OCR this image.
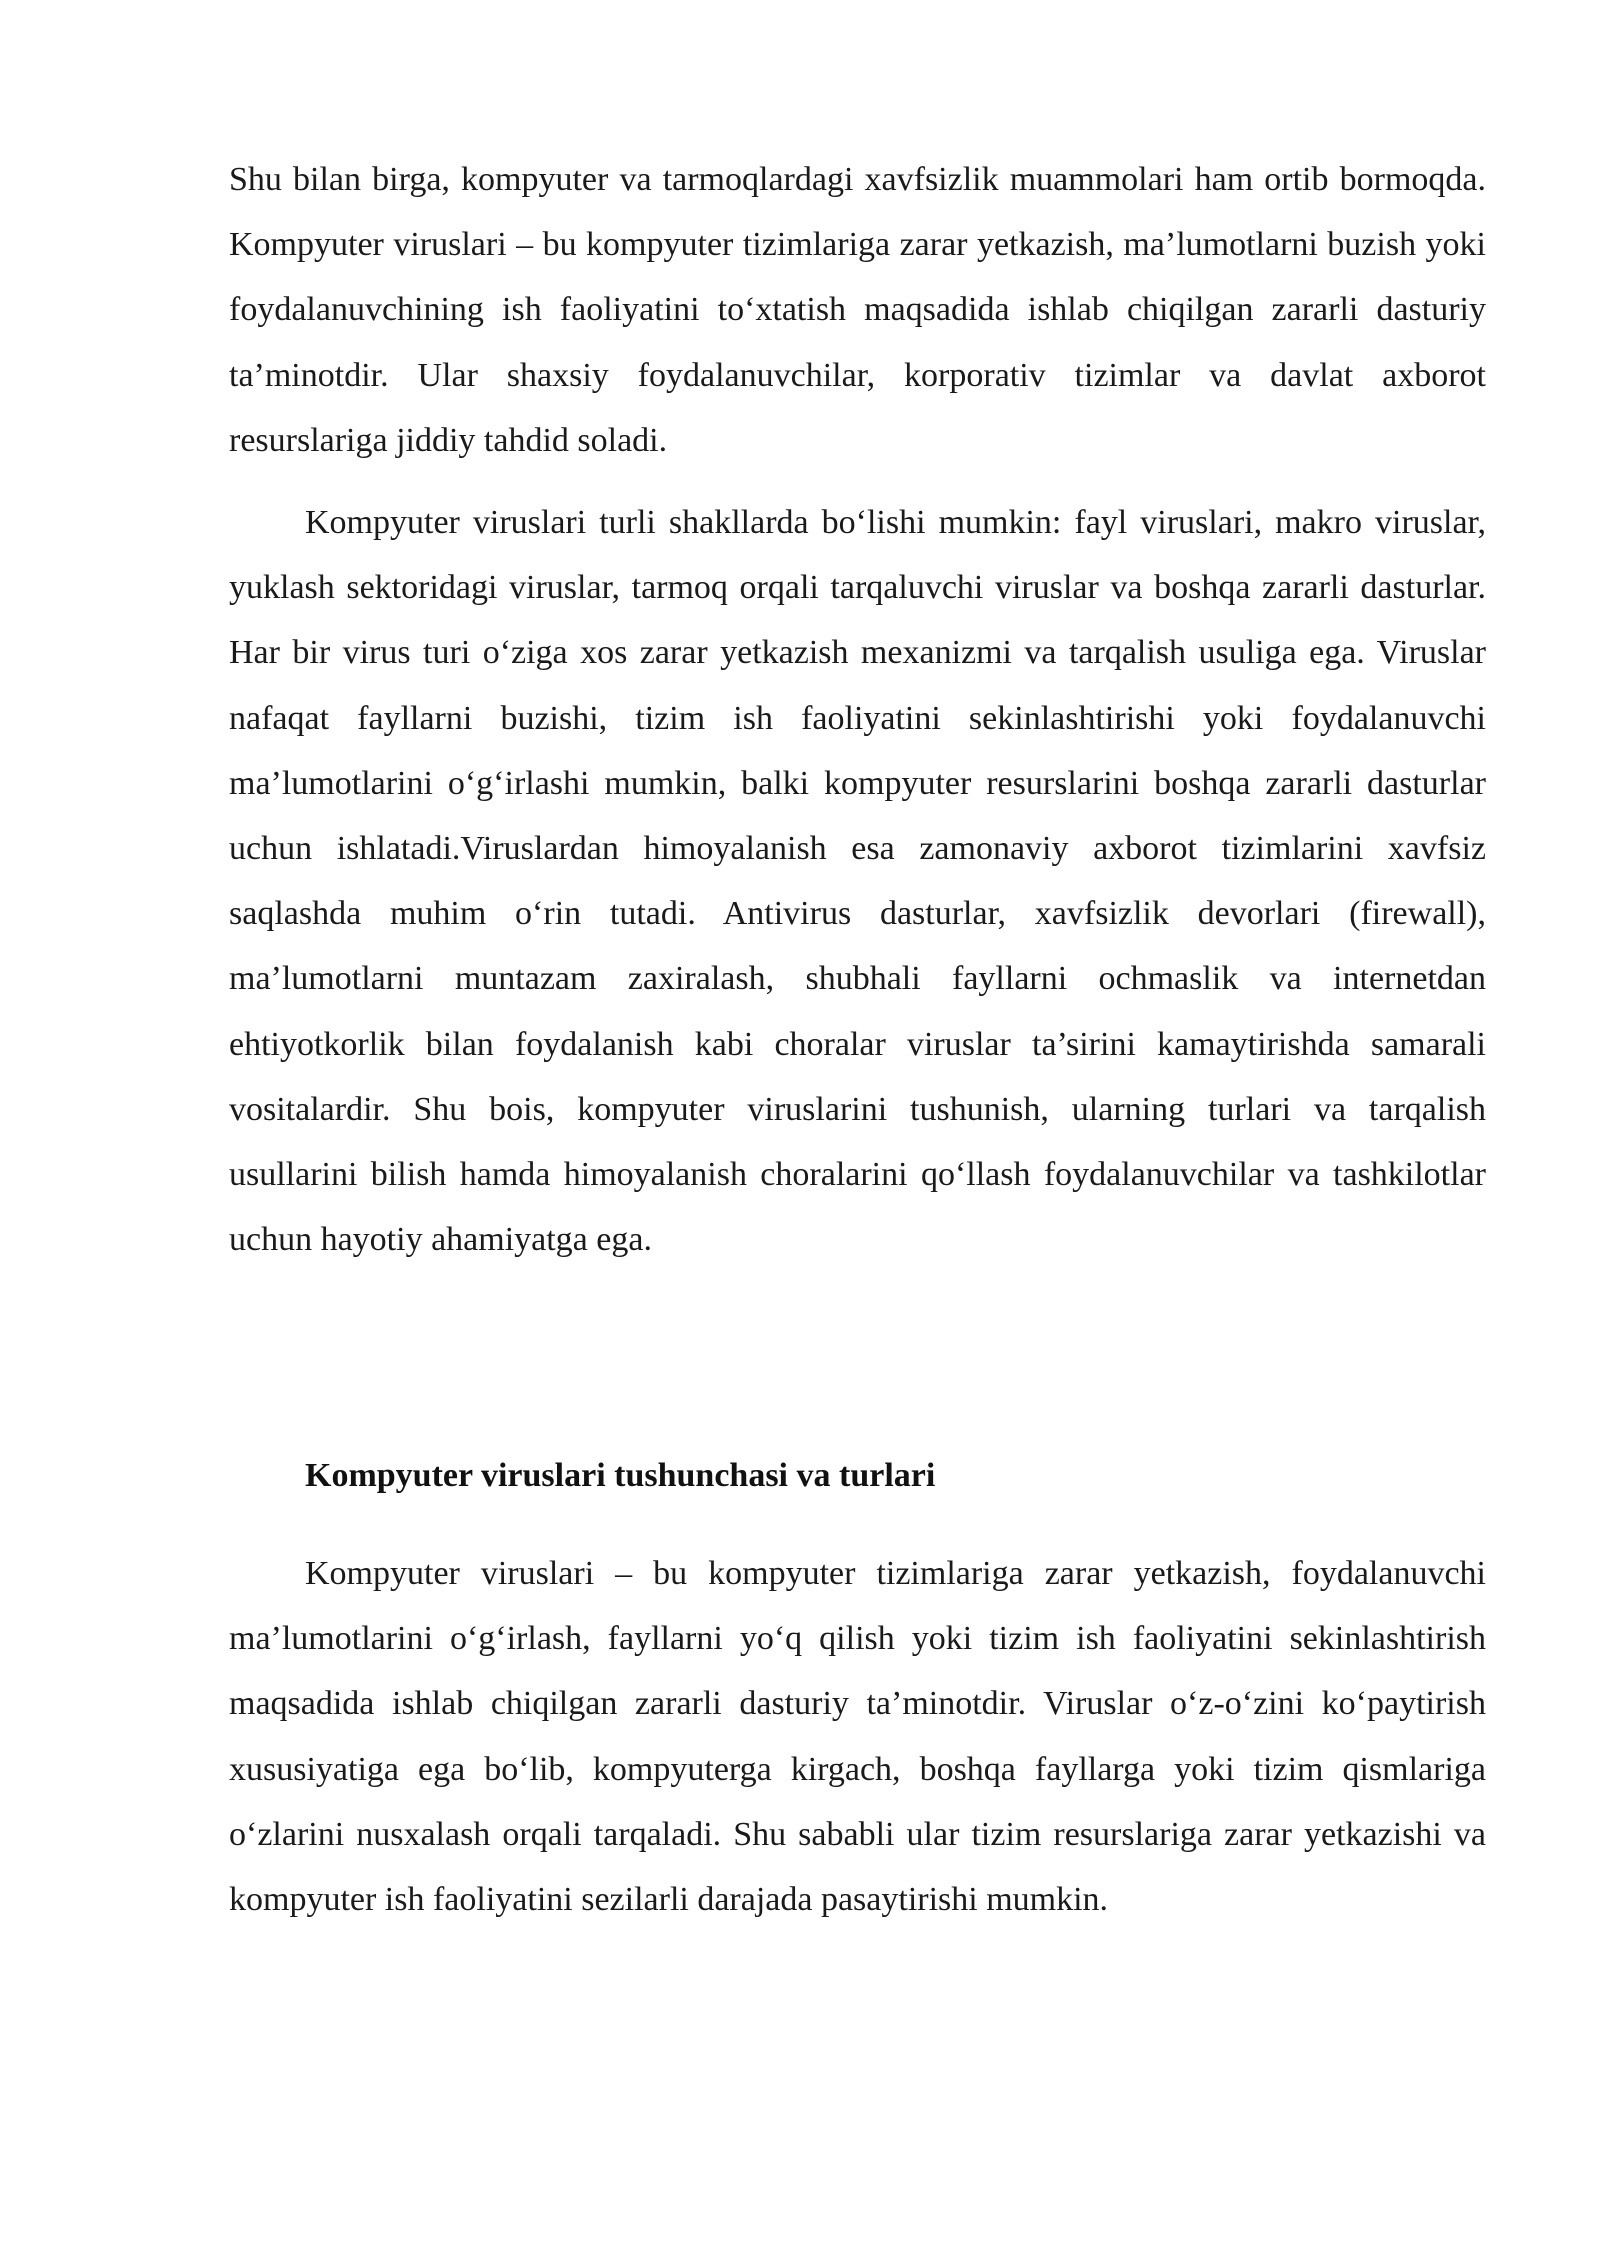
Shu bilan birga, kompyuter va tarmoqlardagi xavfsizlik muammolari ham ortib bormoqda. Kompyuter viruslari – bu kompyuter tizimlariga zarar yetkazish, ma’lumotlarni buzish yoki foydalanuvchining ish faoliyatini to‘xtatish maqsadida ishlab chiqilgan zararli dasturiy ta’minotdir. Ular shaxsiy foydalanuvchilar, korporativ tizimlar va davlat axborot resurslariga jiddiy tahdid soladi.

Kompyuter viruslari turli shakllarda bo‘lishi mumkin: fayl viruslari, makro viruslar, yuklash sektoridagi viruslar, tarmoq orqali tarqaluvchi viruslar va boshqa zararli dasturlar. Har bir virus turi o‘ziga xos zarar yetkazish mexanizmi va tarqalish usuliga ega. Viruslar nafaqat fayllarni buzishi, tizim ish faoliyatini sekinlashtirishi yoki foydalanuvchi ma’lumotlarini o‘g‘irlashi mumkin, balki kompyuter resurslarini boshqa zararli dasturlar uchun ishlatadi.Viruslardan himoyalanish esa zamonaviy axborot tizimlarini xavfsiz saqlashda muhim o‘rin tutadi. Antivirus dasturlar, xavfsizlik devorlari (firewall), ma’lumotlarni muntazam zaxiralash, shubhali fayllarni ochmaslik va internetdan ehtiyotkorlik bilan foydalanish kabi choralar viruslar ta’sirini kamaytirishda samarali vositalardir. Shu bois, kompyuter viruslarini tushunish, ularning turlari va tarqalish usullarini bilish hamda himoyalanish choralarini qo‘llash foydalanuvchilar va tashkilotlar uchun hayotiy ahamiyatga ega.

Kompyuter viruslari tushunchasi va turlari

Kompyuter viruslari – bu kompyuter tizimlariga zarar yetkazish, foydalanuvchi ma’lumotlarini o‘g‘irlash, fayllarni yo‘q qilish yoki tizim ish faoliyatini sekinlashtirish maqsadida ishlab chiqilgan zararli dasturiy ta’minotdir. Viruslar o‘z-o‘zini ko‘paytirish xususiyatiga ega bo‘lib, kompyuterga kirgach, boshqa fayllarga yoki tizim qismlariga o‘zlarini nusxalash orqali tarqaladi. Shu sababli ular tizim resurslariga zarar yetkazishi va kompyuter ish faoliyatini sezilarli darajada pasaytirishi mumkin.
